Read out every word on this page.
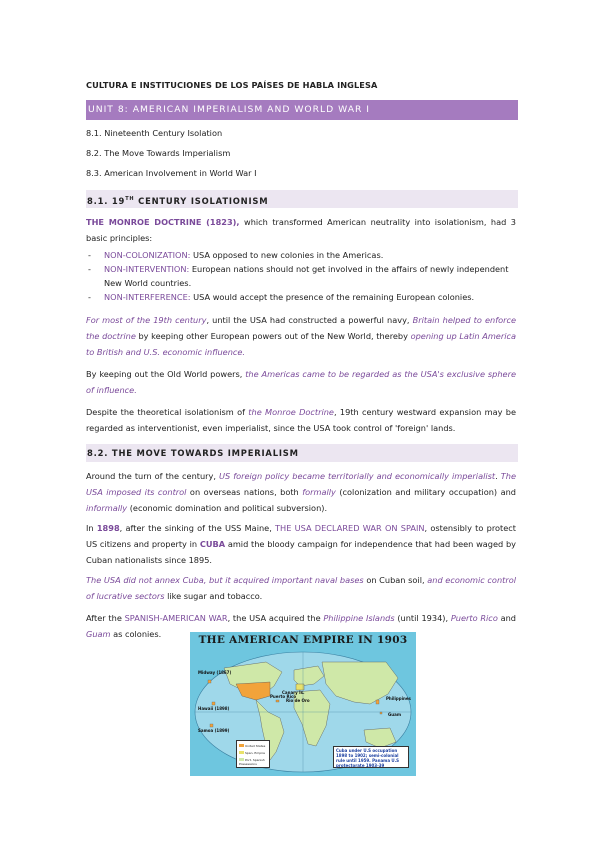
CULTURA E INSTITUCIONES DE LOS PAÍSES DE HABLA INGLESA
UNIT 8: AMERICAN IMPERIALISM AND WORLD WAR I
8.1. Nineteenth Century Isolation
8.2. The Move Towards Imperialism
8.3. American Involvement in World War I
8.1. 19TH CENTURY ISOLATIONISM
THE MONROE DOCTRINE (1823), which transformed American neutrality into isolationism, had 3 basic principles:
- NON-COLONIZATION: USA opposed to new colonies in the Americas.
- NON-INTERVENTION: European nations should not get involved in the affairs of newly independent New World countries.
- NON-INTERFERENCE: USA would accept the presence of the remaining European colonies.
For most of the 19th century, until the USA had constructed a powerful navy, Britain helped to enforce the doctrine by keeping other European powers out of the New World, thereby opening up Latin America to British and U.S. economic influence.
By keeping out the Old World powers, the Americas came to be regarded as the USA's exclusive sphere of influence.
Despite the theoretical isolationism of the Monroe Doctrine, 19th century westward expansion may be regarded as interventionist, even imperialist, since the USA took control of 'foreign' lands.
8.2. THE MOVE TOWARDS IMPERIALISM
Around the turn of the century, US foreign policy became territorially and economically imperialist. The USA imposed its control on overseas nations, both formally (colonization and military occupation) and informally (economic domination and political subversion).
In 1898, after the sinking of the USS Maine, THE USA DECLARED WAR ON SPAIN, ostensibly to protect US citizens and property in CUBA amid the bloody campaign for independence that had been waged by Cuban nationalists since 1895.
The USA did not annex Cuba, but it acquired important naval bases on Cuban soil, and economic control of lucrative sectors like sugar and tobacco.
After the SPANISH-AMERICAN WAR, the USA acquired the Philippine Islands (until 1934), Puerto Rico and Guam as colonies.	THE AMERICAN EMPIRE IN 1903
Midway (1867)
Hawaii (1898)
Samoa (1899)
Canary Is.
Puerto Rico
Rio de Oro	Philippines
Guam
United States
Span. Empire
Port. Spanish Possessions
Cuba under U.S occupation 1898 to 1902; semi-colonial rule until 1959. Panama U.S protectorate 1903-39
